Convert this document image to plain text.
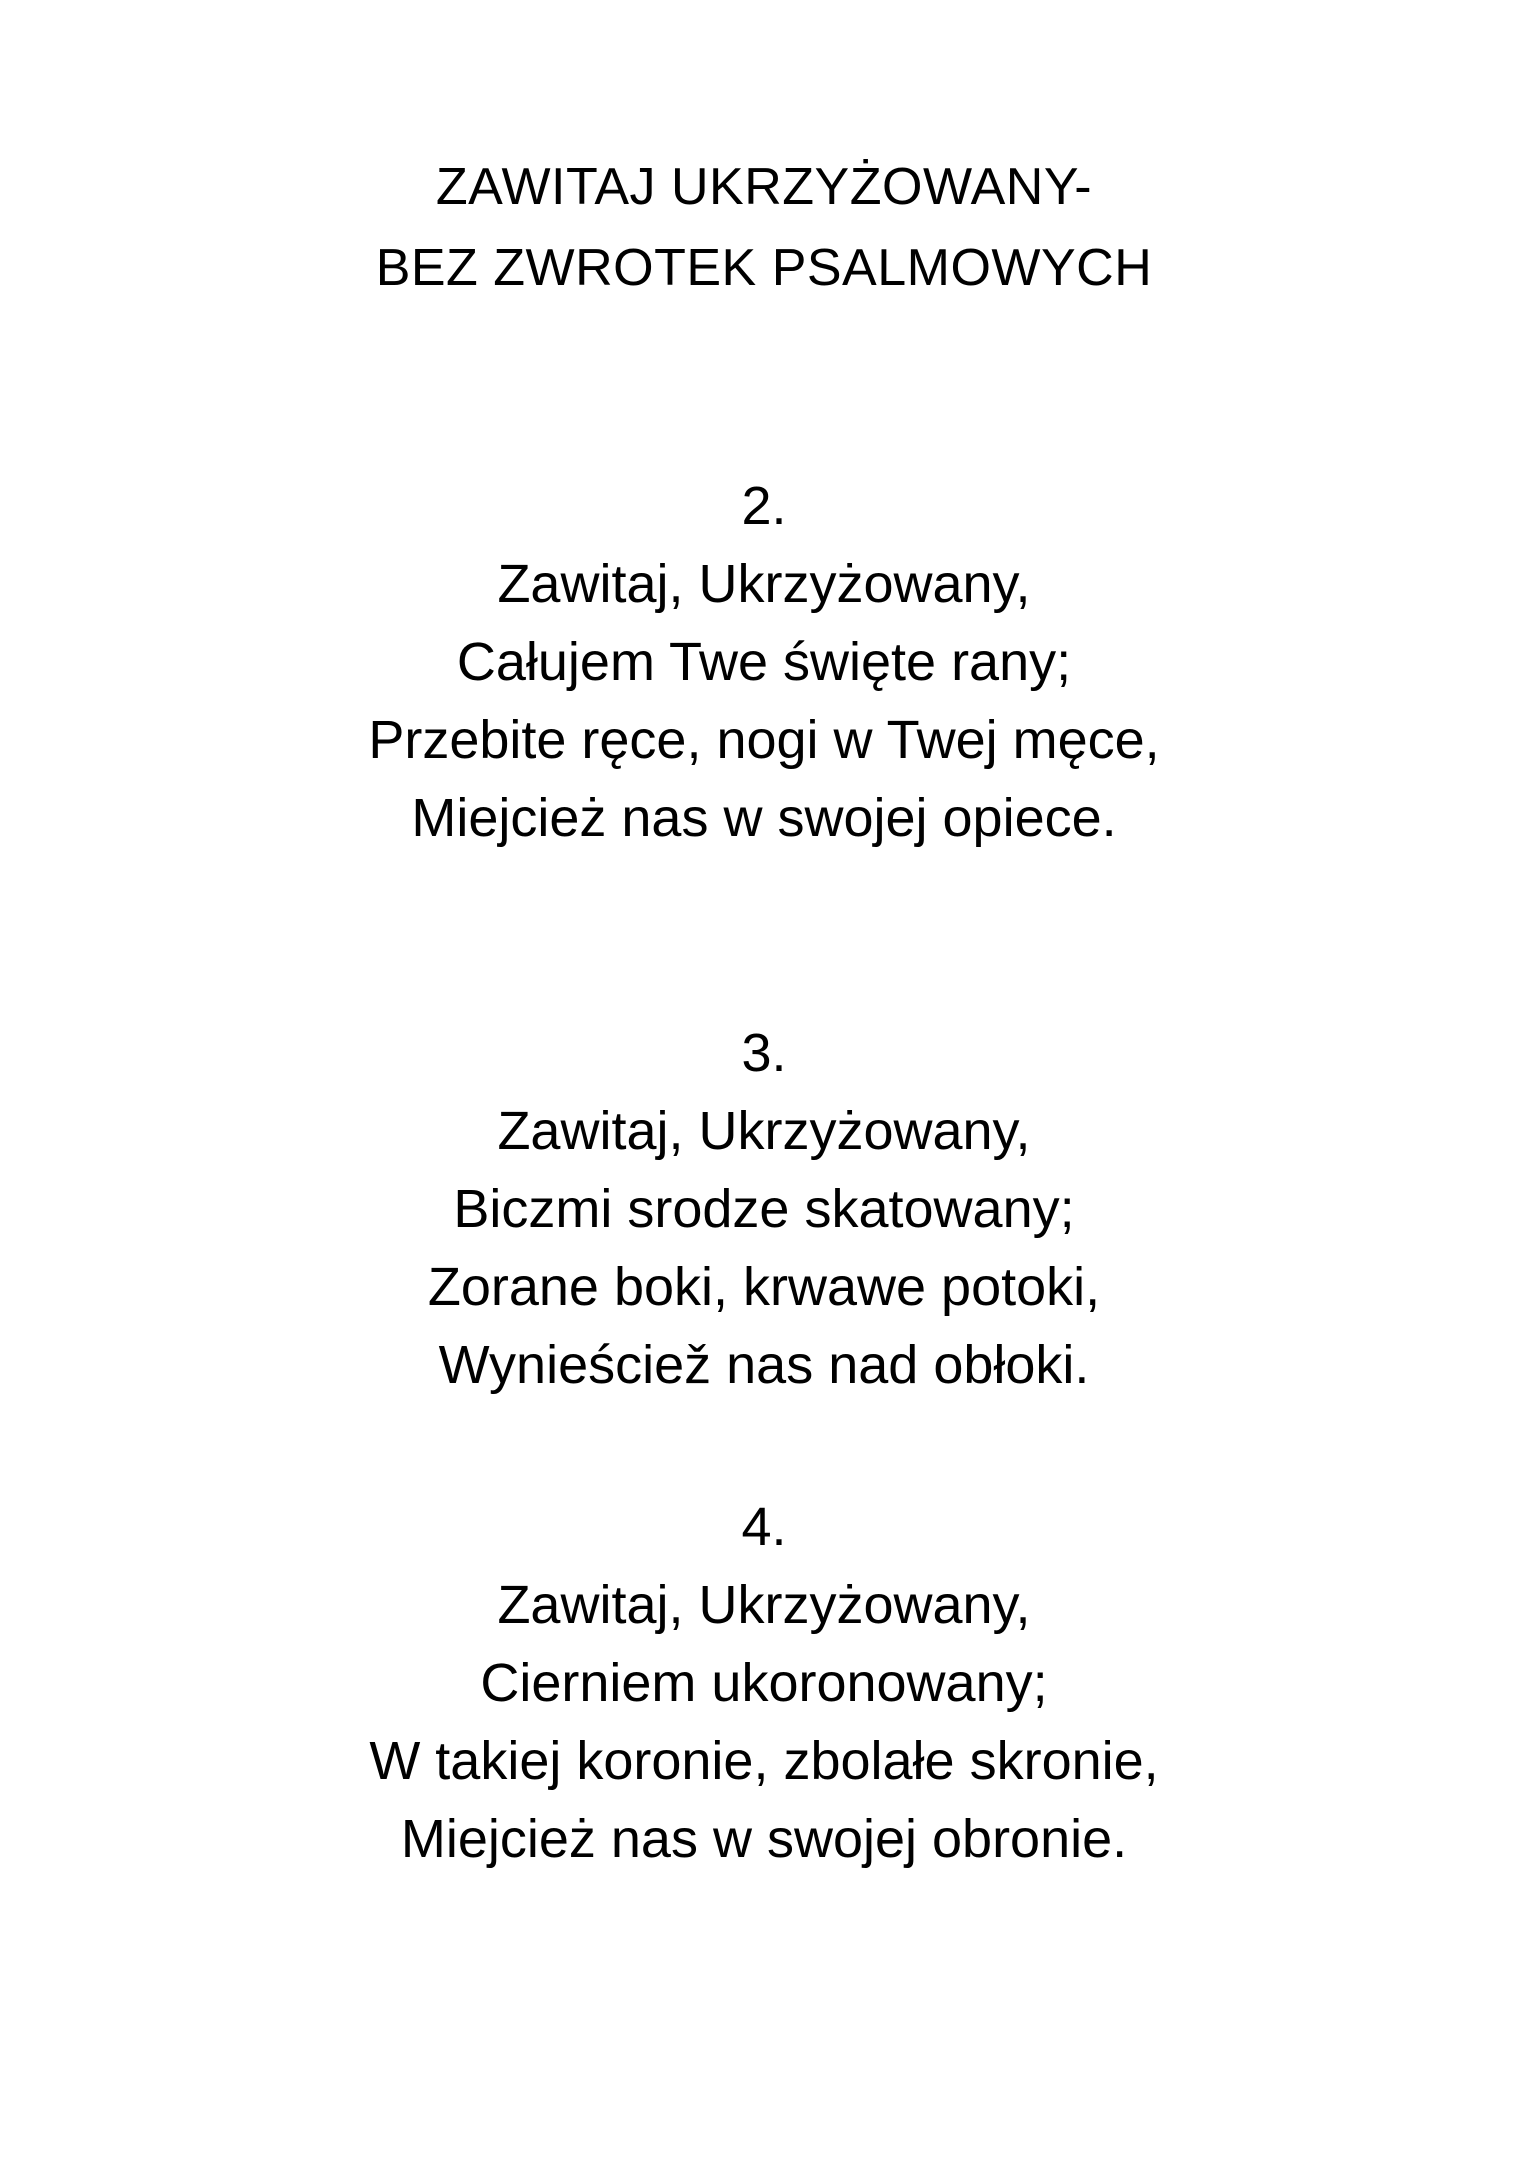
ZAWITAJ UKRZYŻOWANY-
BEZ ZWROTEK PSALMOWYCH
2.
Zawitaj, Ukrzyżowany,
Całujem Twe święte rany;
Przebite ręce, nogi w Twej męce,
Miejcież nas w swojej opiece.
3.
Zawitaj, Ukrzyżowany,
Biczmi srodze skatowany;
Zorane boki, krwawe potoki,
Wynieściež nas nad obłoki.
4.
Zawitaj, Ukrzyżowany,
Cierniem ukoronowany;
W takiej koronie, zbolałe skronie,
Miejcież nas w swojej obronie.
